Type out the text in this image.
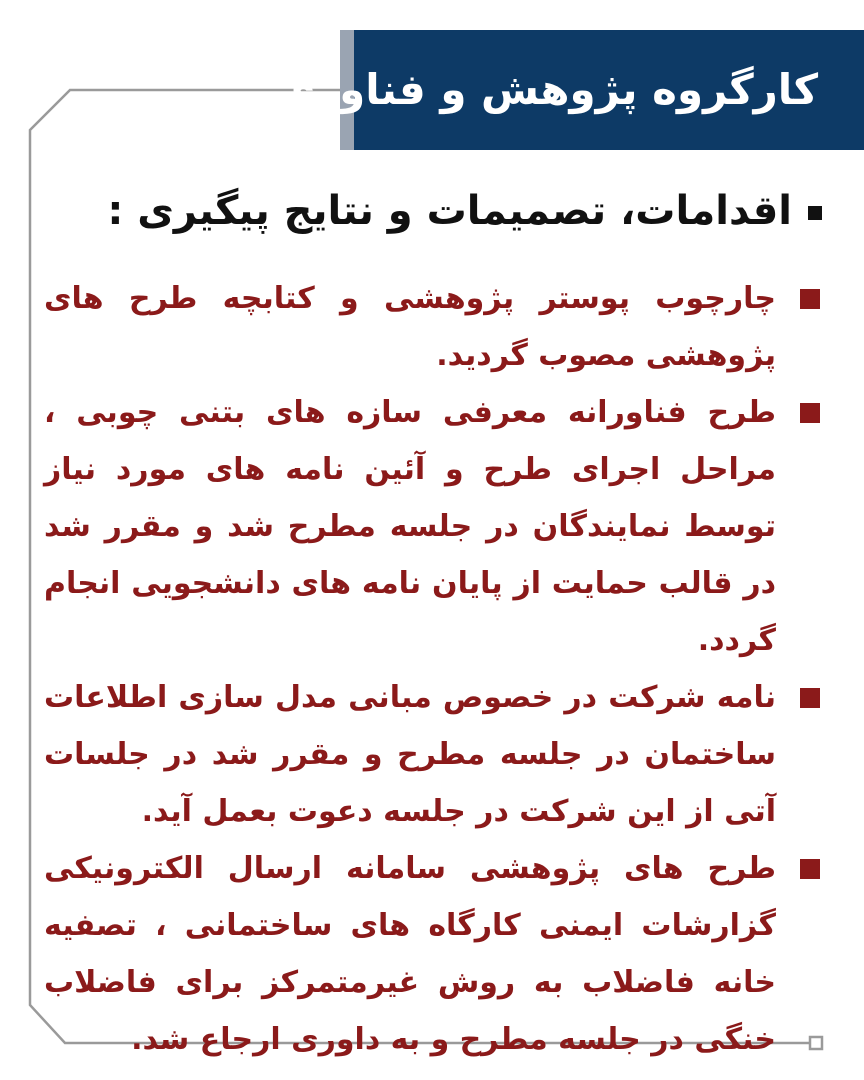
کارگروه پژوهش و فناوری
اقدامات، تصمیمات و نتایج پیگیری :
چارچوب پوستر پژوهشی و کتابچه طرح های پژوهشی مصوب گردید.
طرح فناورانه معرفی سازه های بتنی چوبی ، مراحل اجرای طرح و آئین نامه های مورد نیاز توسط نمایندگان در جلسه مطرح شد و مقرر شد در قالب حمایت از پایان نامه های دانشجویی انجام گردد.
نامه شرکت در خصوص مبانی مدل سازی اطلاعات ساختمان در جلسه مطرح و مقرر شد در جلسات آتی از این شرکت در جلسه دعوت بعمل آید.
طرح های پژوهشی سامانه ارسال الکترونیکی گزارشات ایمنی کارگاه های ساختمانی ، تصفیه خانه فاضلاب به روش غیرمتمرکز برای فاضلاب خنگی در جلسه مطرح و به داوری ارجاع شد.
